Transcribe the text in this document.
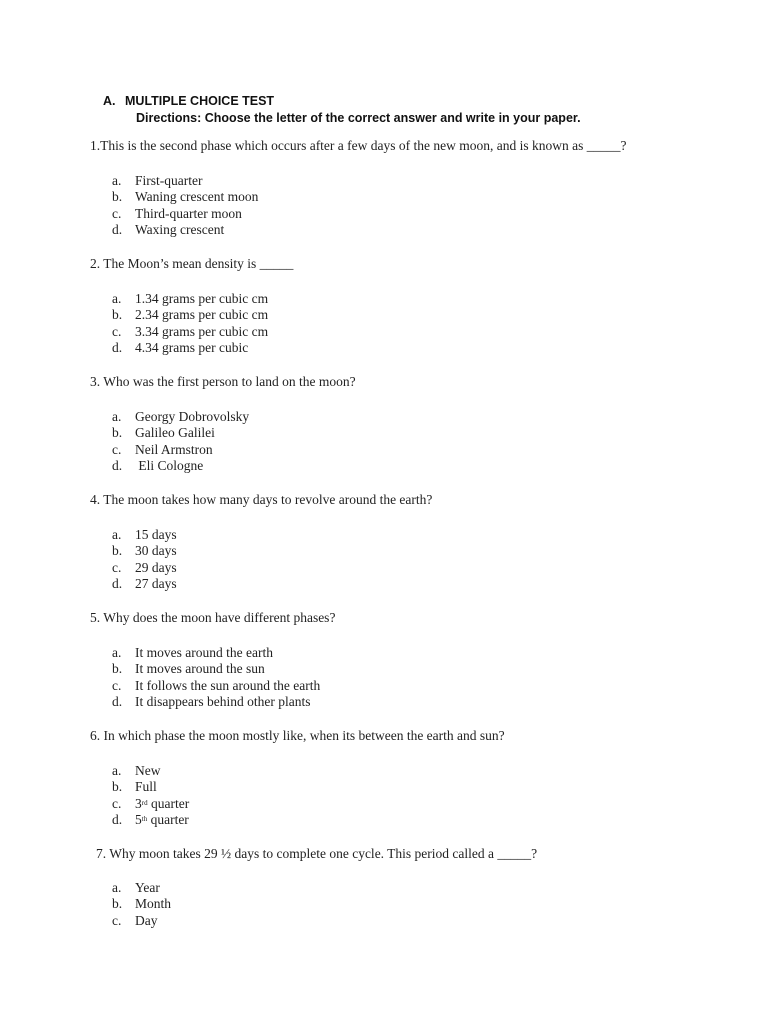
A. MULTIPLE CHOICE TEST
Directions: Choose the letter of the correct answer and write in your paper.
1.This is the second phase which occurs after a few days of the new moon, and is known as _____?
a. First-quarter
b. Waning crescent moon
c. Third-quarter moon
d. Waxing crescent
2. The Moon’s mean density is _____
a. 1.34 grams per cubic cm
b. 2.34 grams per cubic cm
c. 3.34 grams per cubic cm
d. 4.34 grams per cubic
3. Who was the first person to land on the moon?
a. Georgy Dobrovolsky
b. Galileo Galilei
c. Neil Armstron
d. Eli Cologne
4. The moon takes how many days to revolve around the earth?
a. 15 days
b. 30 days
c. 29 days
d. 27 days
5. Why does the moon have different phases?
a. It moves around the earth
b. It moves around the sun
c. It follows the sun around the earth
d. It disappears behind other plants
6. In which phase the moon mostly like, when its between the earth and sun?
a. New
b. Full
c. 3rd quarter
d. 5th quarter
7. Why moon takes 29 ½ days to complete one cycle. This period called a _____?
a. Year
b. Month
c. Day
